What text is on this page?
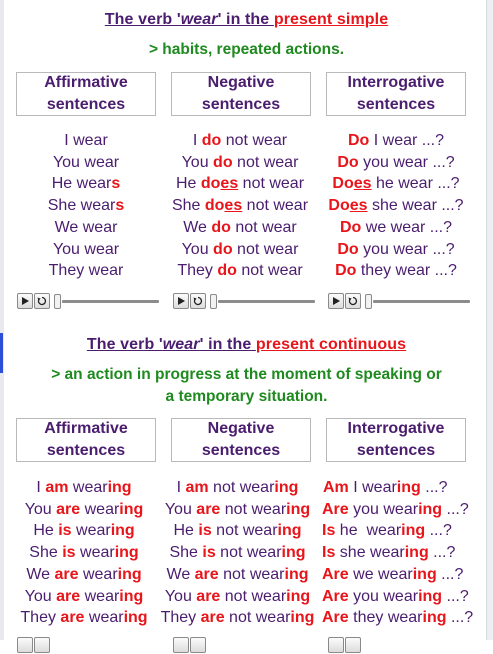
The verb 'wear' in the present simple
> habits, repeated actions.
Affirmative
sentences
Negative
sentences
Interrogative
sentences
I wear
You wear
He wears
She wears
We wear
You wear
They wear
I do not wear
You do not wear
He does not wear
She does not wear
We do not wear
You do not wear
They do not wear
Do I wear ...?
Do you wear ...?
Does he wear ...?
Does she wear ...?
Do we wear ...?
Do you wear ...?
Do they wear ...?
The verb 'wear' in the present continuous
> an action in progress at the moment of speaking or
a temporary situation.
Affirmative
sentences
Negative
sentences
Interrogative
sentences
I am wearing
You are wearing
He is wearing
She is wearing
We are wearing
You are wearing
They are wearing
I am not wearing
You are not wearing
He is not wearing
She is not wearing
We are not wearing
You are not wearing
They are not wearing
Am I wearing ...?
Are you wearing ...?
Is he  wearing ...?
Is she wearing ...?
Are we wearing ...?
Are you wearing ...?
Are they wearing ...?
